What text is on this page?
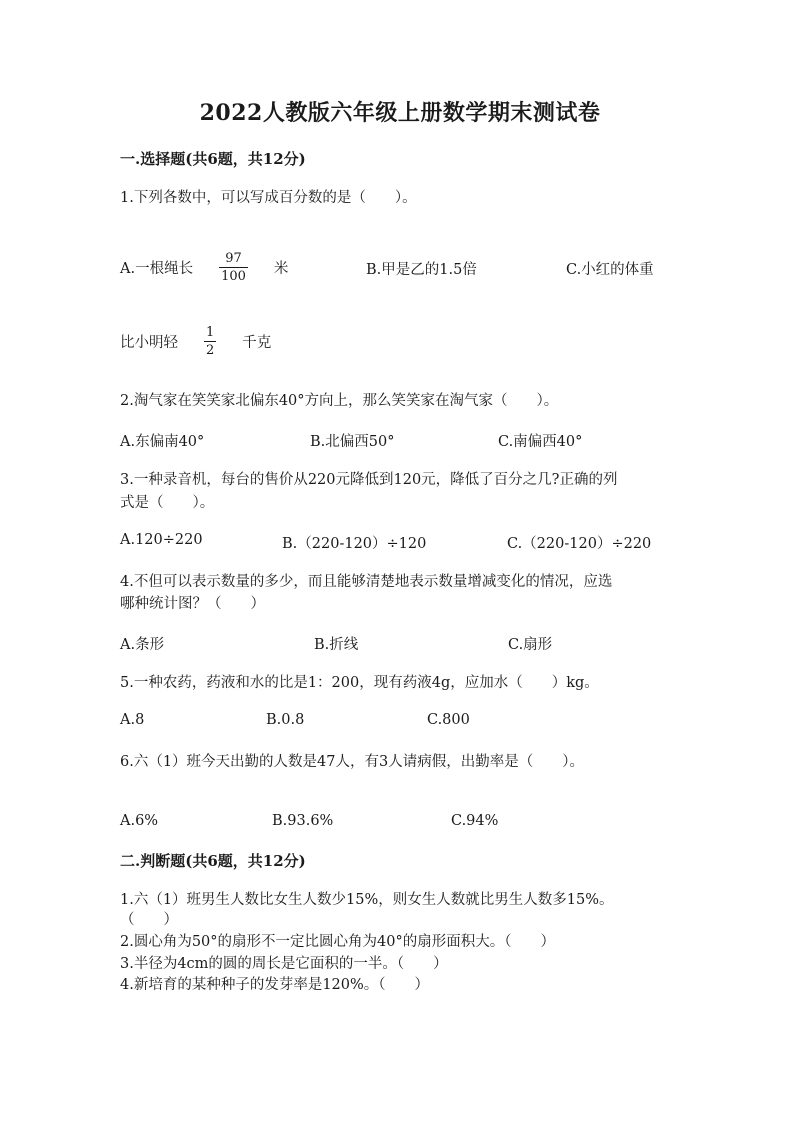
2022人教版六年级上册数学期末测试卷
一.选择题(共6题，共12分)
1.下列各数中，可以写成百分数的是（　　）。
A.一根绳长 $\frac{97}{100}$ 米	B.甲是乙的1.5倍	C.小红的体重
比小明轻 $\frac{1}{2}$ 千克
2.淘气家在笑笑家北偏东40°方向上，那么笑笑家在淘气家（　　）。
A.东偏南40°	B.北偏西50°	C.南偏西40°
3.一种录音机，每台的售价从220元降低到120元，降低了百分之几?正确的列
式是（　　）。
A.120÷220	B.（220-120）÷120	C.（220-120）÷220
4.不但可以表示数量的多少，而且能够清楚地表示数量增减变化的情况，应选
哪种统计图？（　　）
A.条形	B.折线	C.扇形
5.一种农药，药液和水的比是1：200，现有药液4g，应加水（　　）kg。
A.8	B.0.8	C.800
6.六（1）班今天出勤的人数是47人，有3人请病假，出勤率是（　　）。
A.6%	B.93.6%	C.94%
二.判断题(共6题，共12分)
1.六（1）班男生人数比女生人数少15%，则女生人数就比男生人数多15%。
（　　）
2.圆心角为50°的扇形不一定比圆心角为40°的扇形面积大。（　　）
3.半径为4cm的圆的周长是它面积的一半。（　　）
4.新培育的某种种子的发芽率是120%。（　　）
